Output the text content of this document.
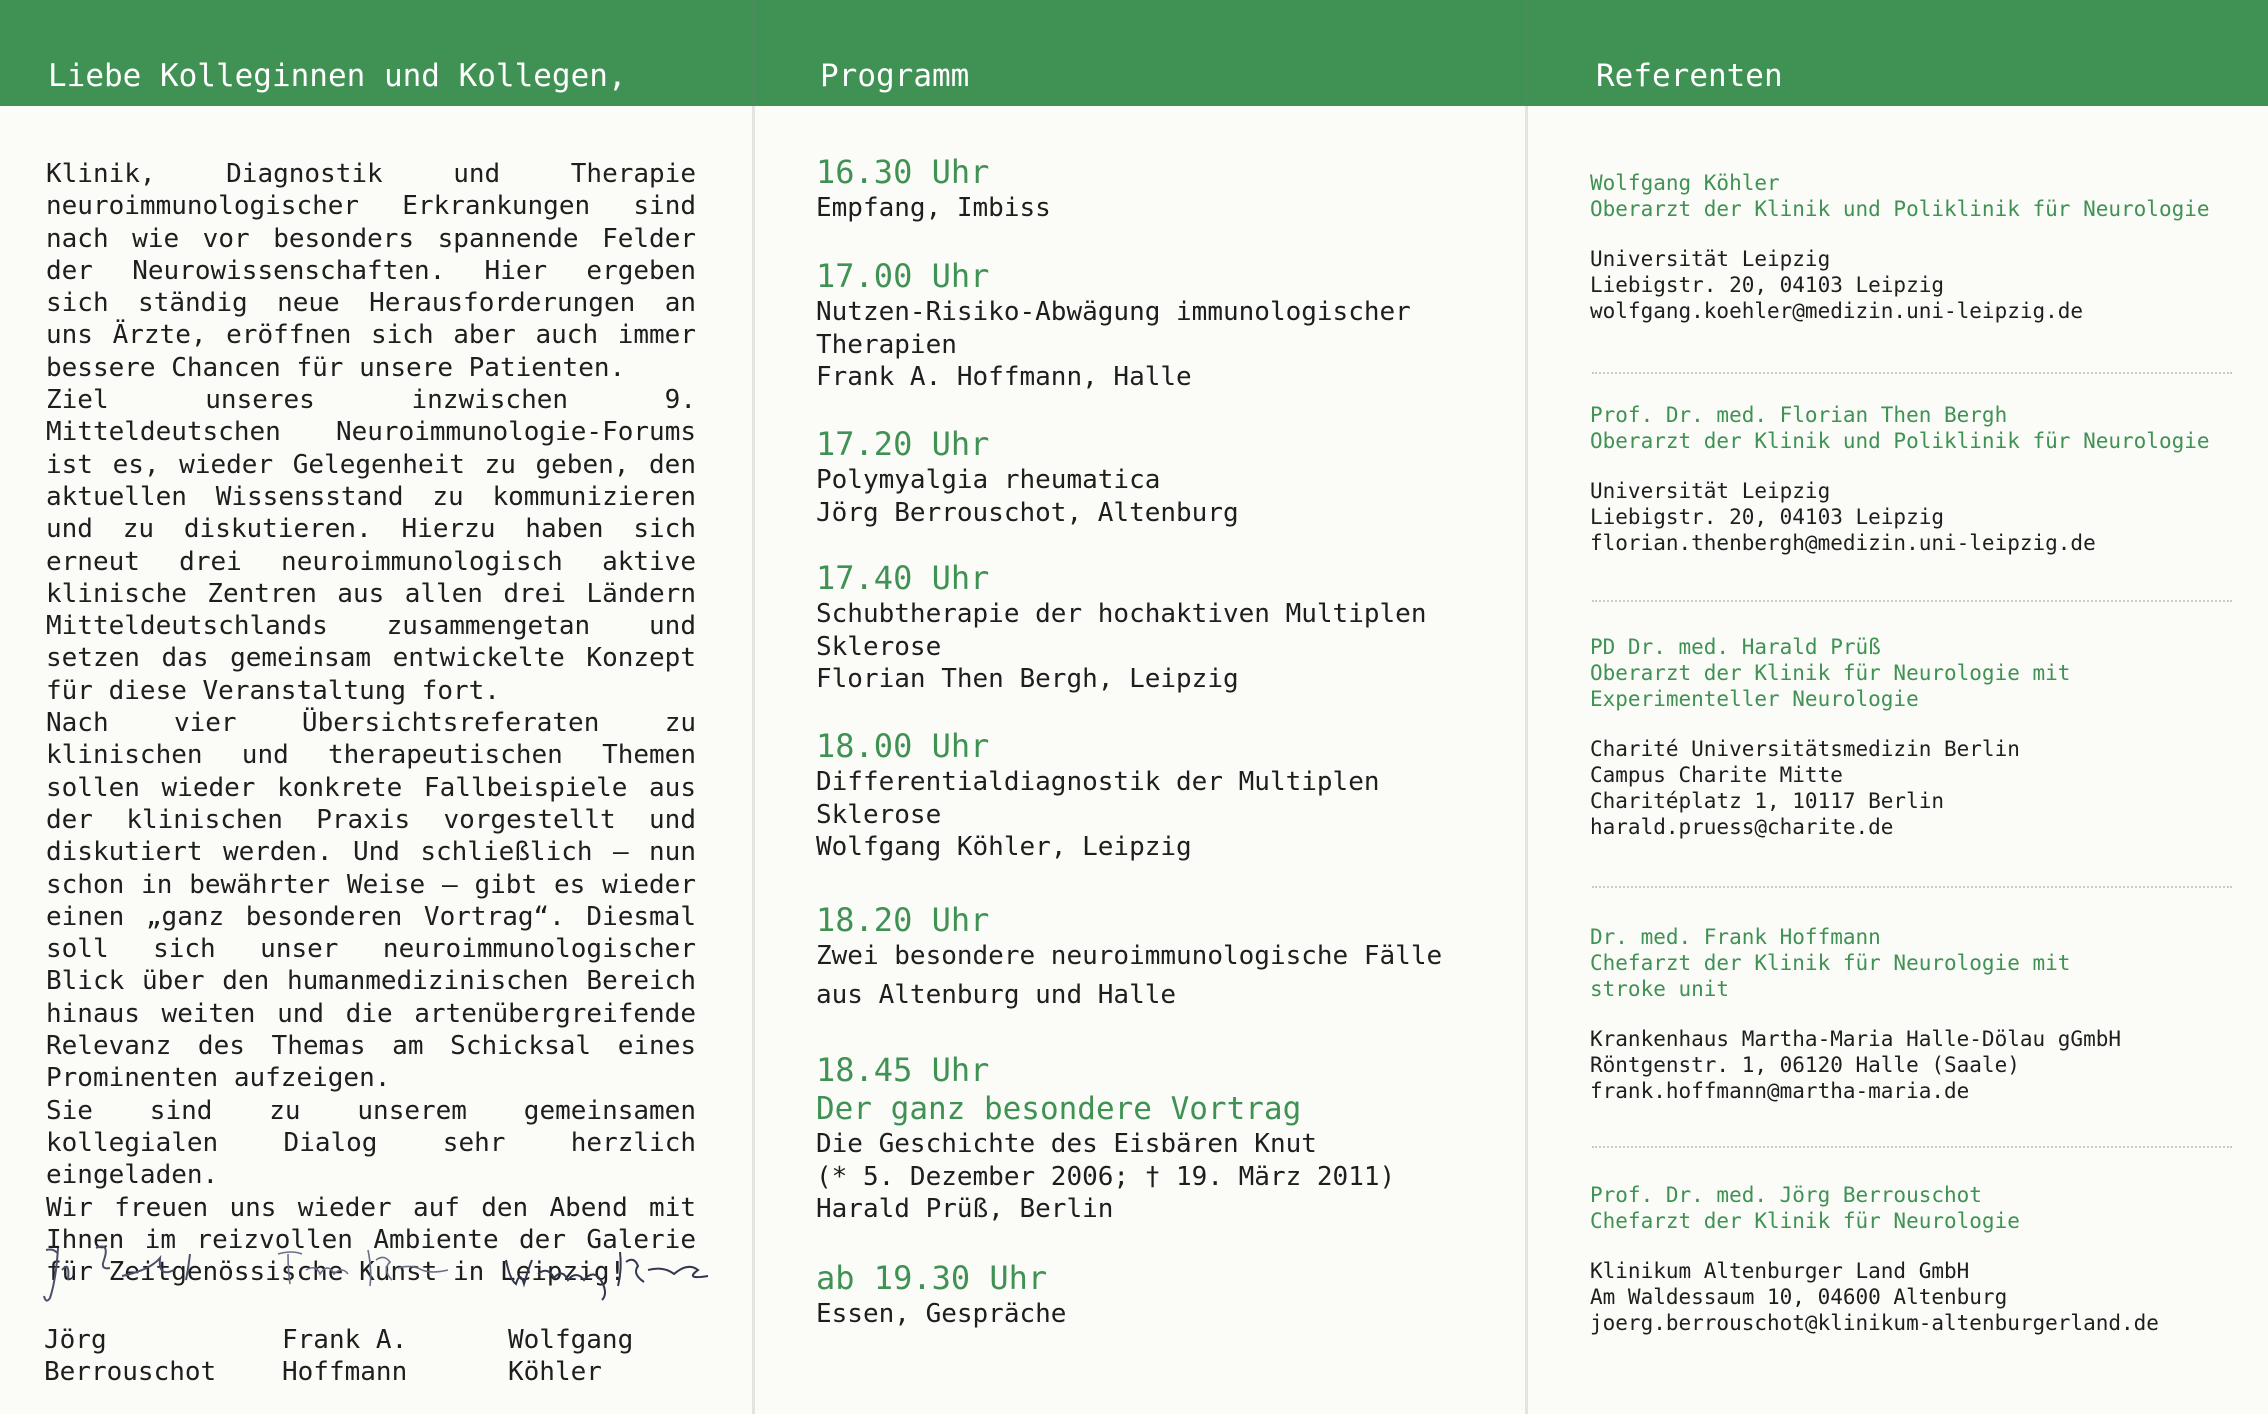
Liebe Kolleginnen und Kollegen,	Programm	Referenten

Klinik, Diagnostik und Therapie neuroimmunologischer Erkrankungen sind nach wie vor besonders spannende Felder der Neurowissenschaften. Hier ergeben sich ständig neue Herausforderungen an uns Ärzte, eröffnen sich aber auch immer bessere Chancen für unsere Patienten.

Ziel unseres inzwischen 9. Mitteldeutschen Neuroimmunologie-Forums ist es, wieder Gelegenheit zu geben, den aktuellen Wissensstand zu kommunizieren und zu diskutieren. Hierzu haben sich erneut drei neuroimmunologisch aktive klinische Zentren aus allen drei Ländern Mitteldeutschlands zusammengetan und setzen das gemeinsam entwickelte Konzept für diese Veranstaltung fort.

Nach vier Übersichtsreferaten zu klinischen und therapeutischen Themen sollen wieder konkrete Fallbeispiele aus der klinischen Praxis vorgestellt und diskutiert werden. Und schließlich – nun schon in bewährter Weise – gibt es wieder einen „ganz besonderen Vortrag“. Diesmal soll sich unser neuroimmunologischer Blick über den humanmedizinischen Bereich hinaus weiten und die artenübergreifende Relevanz des Themas am Schicksal eines Prominenten aufzeigen.

Sie sind zu unserem gemeinsamen kollegialen Dialog sehr herzlich eingeladen.

Wir freuen uns wieder auf den Abend mit Ihnen im reizvollen Ambiente der Galerie für Zeitgenössische Kunst in Leipzig!

Jörg
Berrouschot
Frank A.
Hoffmann
Wolfgang
Köhler
16.30 Uhr
Empfang, Imbiss
17.00 Uhr
Nutzen-Risiko-Abwägung immunologischer
Therapien
Frank A. Hoffmann, Halle
17.20 Uhr
Polymyalgia rheumatica
Jörg Berrouschot, Altenburg
17.40 Uhr
Schubtherapie der hochaktiven Multiplen
Sklerose
Florian Then Bergh, Leipzig
18.00 Uhr
Differentialdiagnostik der Multiplen
Sklerose
Wolfgang Köhler, Leipzig
18.20 Uhr
Zwei besondere neuroimmunologische Fälle
aus Altenburg und Halle
18.45 Uhr
Der ganz besondere Vortrag
Die Geschichte des Eisbären Knut
(* 5. Dezember 2006; † 19. März 2011)
Harald Prüß, Berlin
ab 19.30 Uhr
Essen, Gespräche
Wolfgang Köhler
Oberarzt der Klinik und Poliklinik für Neurologie
Universität Leipzig
Liebigstr. 20, 04103 Leipzig
wolfgang.koehler@medizin.uni-leipzig.de
Prof. Dr. med. Florian Then Bergh
Oberarzt der Klinik und Poliklinik für Neurologie
Universität Leipzig
Liebigstr. 20, 04103 Leipzig
florian.thenbergh@medizin.uni-leipzig.de
PD Dr. med. Harald Prüß
Oberarzt der Klinik für Neurologie mit
Experimenteller Neurologie
Charité Universitätsmedizin Berlin
Campus Charite Mitte
Charitéplatz 1, 10117 Berlin
harald.pruess@charite.de
Dr. med. Frank Hoffmann
Chefarzt der Klinik für Neurologie mit
stroke unit
Krankenhaus Martha-Maria Halle-Dölau gGmbH
Röntgenstr. 1, 06120 Halle (Saale)
frank.hoffmann@martha-maria.de
Prof. Dr. med. Jörg Berrouschot
Chefarzt der Klinik für Neurologie
Klinikum Altenburger Land GmbH
Am Waldessaum 10, 04600 Altenburg
joerg.berrouschot@klinikum-altenburgerland.de
